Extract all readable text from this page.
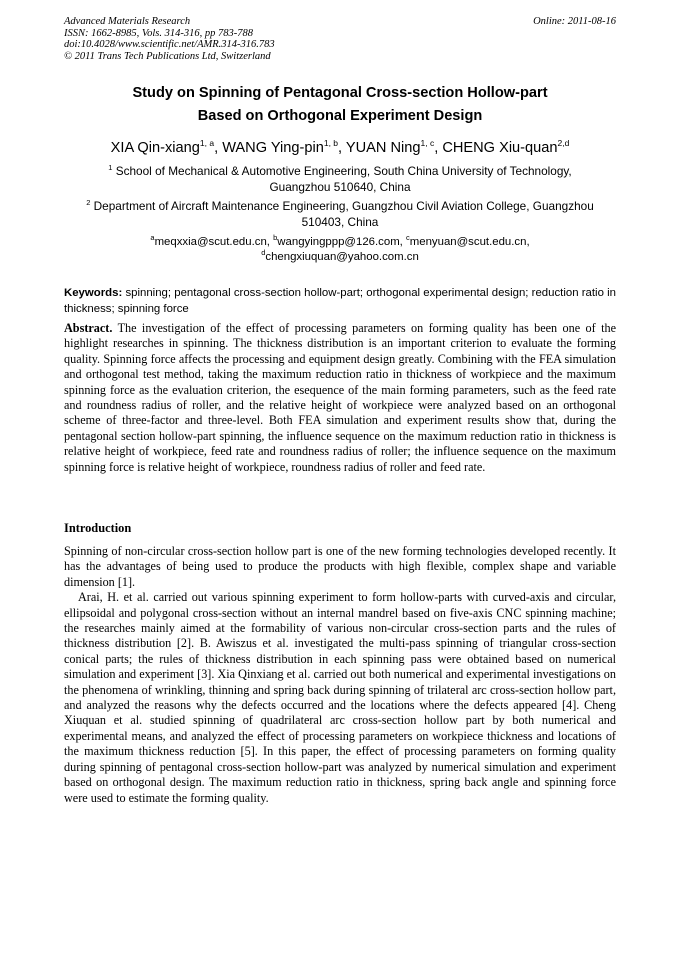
Advanced Materials Research
ISSN: 1662-8985, Vols. 314-316, pp 783-788
doi:10.4028/www.scientific.net/AMR.314-316.783
© 2011 Trans Tech Publications Ltd, Switzerland
Online: 2011-08-16
Study on Spinning of Pentagonal Cross-section Hollow-part
Based on Orthogonal Experiment Design
XIA Qin-xiang$^{1, a}$, WANG Ying-pin$^{1, b}$, YUAN Ning$^{1, c}$, CHENG Xiu-quan$^{2,d}$
$^1$ School of Mechanical & Automotive Engineering, South China University of Technology,
Guangzhou 510640, China
$^2$ Department of Aircraft Maintenance Engineering, Guangzhou Civil Aviation College, Guangzhou
510403, China
$^a$meqxxia@scut.edu.cn, $^b$wangyingppp@126.com, $^c$menyuan@scut.edu.cn,
$^d$chengxiuquan@yahoo.com.cn
Keywords: spinning; pentagonal cross-section hollow-part; orthogonal experimental design; reduction ratio in thickness; spinning force

Abstract. The investigation of the effect of processing parameters on forming quality has been one of the highlight researches in spinning. The thickness distribution is an important criterion to evaluate the forming quality. Spinning force affects the processing and equipment design greatly. Combining with the FEA simulation and orthogonal test method, taking the maximum reduction ratio in thickness of workpiece and the maximum spinning force as the evaluation criterion, the esequence of the main forming parameters, such as the feed rate and roundness radius of roller, and the relative height of workpiece were analyzed based on an orthogonal scheme of three-factor and three-level. Both FEA simulation and experiment results show that, during the pentagonal section hollow-part spinning, the influence sequence on the maximum reduction ratio in thickness is relative height of workpiece, feed rate and roundness radius of roller; the influence sequence on the maximum spinning force is relative height of workpiece, roundness radius of roller and feed rate.

Introduction

Spinning of non-circular cross-section hollow part is one of the new forming technologies developed recently. It has the advantages of being used to produce the products with high flexible, complex shape and variable dimension [1].

Arai, H. et al. carried out various spinning experiment to form hollow-parts with curved-axis and circular, ellipsoidal and polygonal cross-section without an internal mandrel based on five-axis CNC spinning machine; the researches mainly aimed at the formability of various non-circular cross-section parts and the rules of thickness distribution [2]. B. Awiszus et al. investigated the multi-pass spinning of triangular cross-section conical parts; the rules of thickness distribution in each spinning pass were obtained based on numerical simulation and experiment [3]. Xia Qinxiang et al. carried out both numerical and experimental investigations on the phenomena of wrinkling, thinning and spring back during spinning of trilateral arc cross-section hollow part, and analyzed the reasons why the defects occurred and the locations where the defects appeared [4]. Cheng Xiuquan et al. studied spinning of quadrilateral arc cross-section hollow part by both numerical and experimental means, and analyzed the effect of processing parameters on workpiece thickness and locations of the maximum thickness reduction [5]. In this paper, the effect of processing parameters on forming quality during spinning of pentagonal cross-section hollow-part was analyzed by numerical simulation and experiment based on orthogonal design. The maximum reduction ratio in thickness, spring back angle and spinning force were used to estimate the forming quality.
